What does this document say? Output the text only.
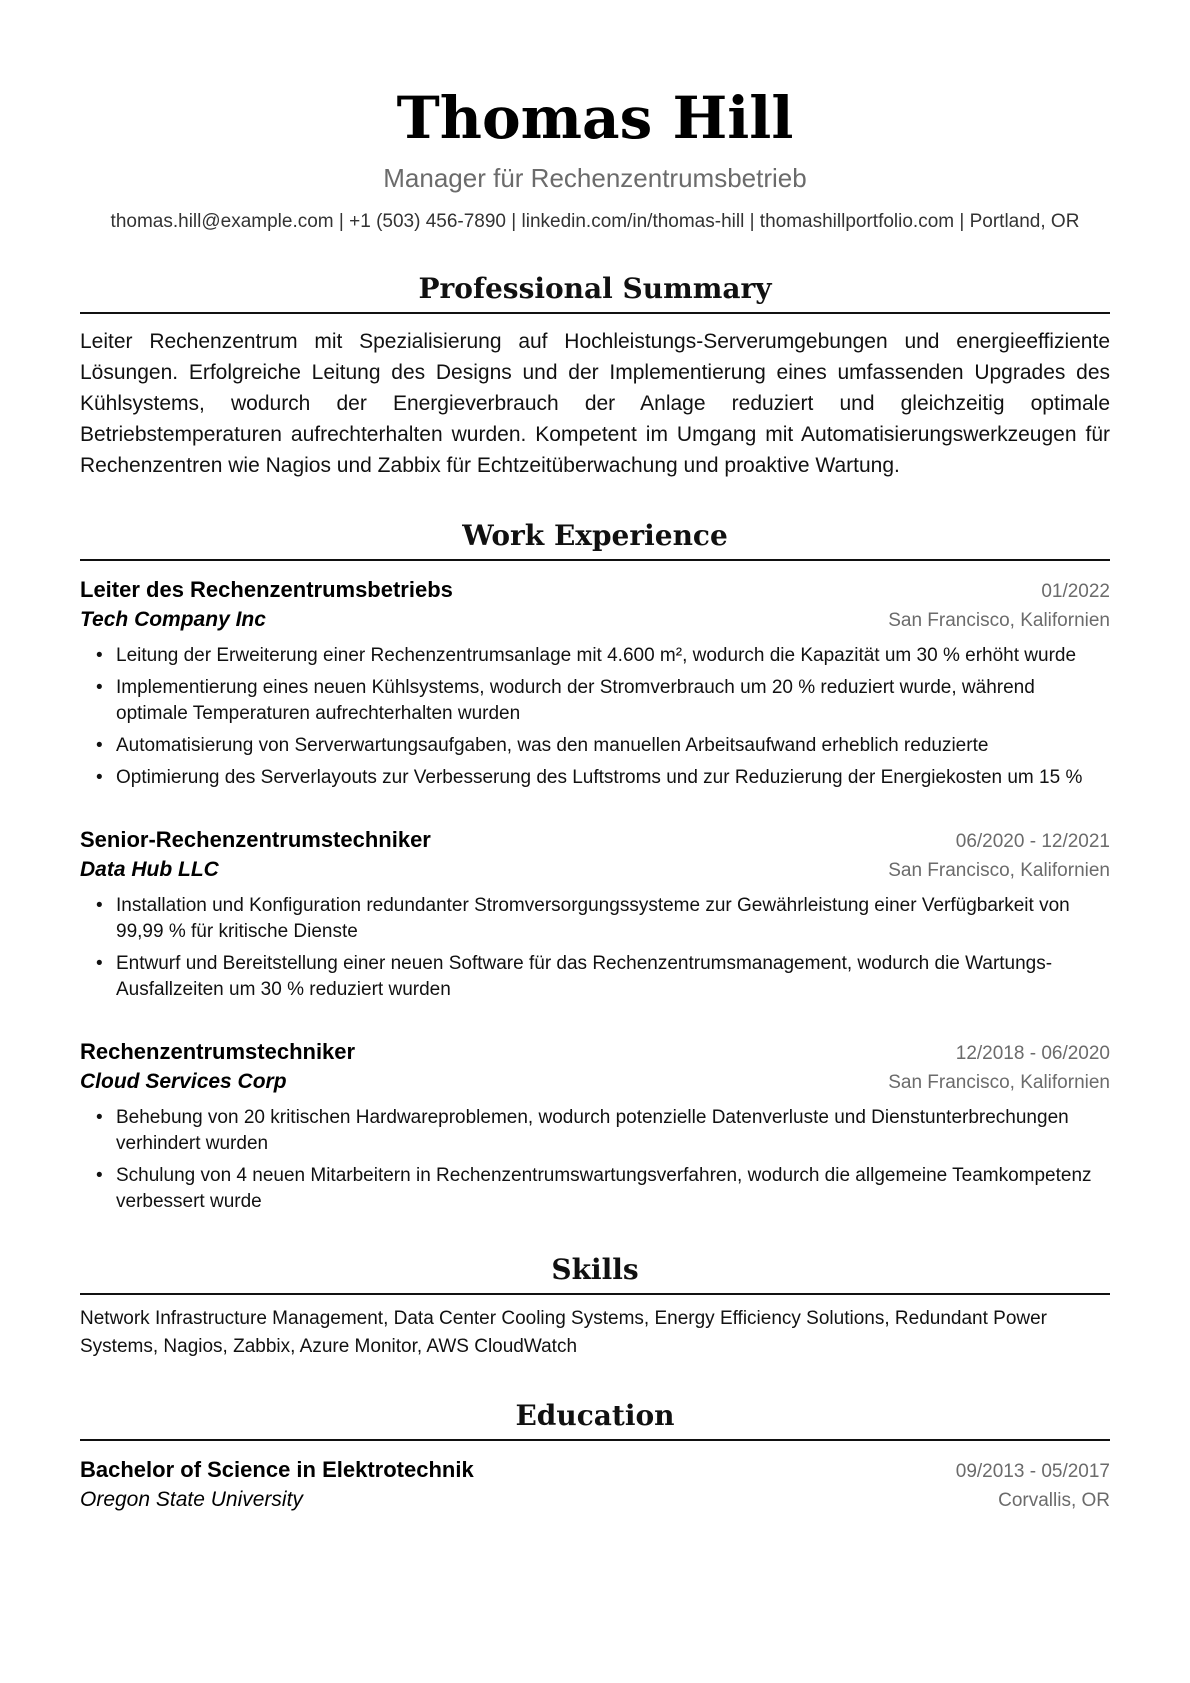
Thomas Hill
Manager für Rechenzentrumsbetrieb
thomas.hill@example.com | +1 (503) 456-7890 | linkedin.com/in/thomas-hill | thomashillportfolio.com | Portland, OR
Professional Summary
Leiter Rechenzentrum mit Spezialisierung auf Hochleistungs-Serverumgebungen und energieeffiziente Lösungen. Erfolgreiche Leitung des Designs und der Implementierung eines umfassenden Upgrades des Kühlsystems, wodurch der Energieverbrauch der Anlage reduziert und gleichzeitig optimale Betriebstemperaturen aufrechterhalten wurden. Kompetent im Umgang mit Automatisierungswerkzeugen für Rechenzentren wie Nagios und Zabbix für Echtzeitüberwachung und proaktive Wartung.
Work Experience
Leiter des Rechenzentrumsbetriebs	01/2022
Tech Company Inc	San Francisco, Kalifornien
• Leitung der Erweiterung einer Rechenzentrumsanlage mit 4.600 m², wodurch die Kapazität um 30 % erhöht wurde
• Implementierung eines neuen Kühlsystems, wodurch der Stromverbrauch um 20 % reduziert wurde, während optimale Temperaturen aufrechterhalten wurden
• Automatisierung von Serverwartungsaufgaben, was den manuellen Arbeitsaufwand erheblich reduzierte
• Optimierung des Serverlayouts zur Verbesserung des Luftstroms und zur Reduzierung der Energiekosten um 15 %
Senior-Rechenzentrumstechniker	06/2020 - 12/2021
Data Hub LLC	San Francisco, Kalifornien
• Installation und Konfiguration redundanter Stromversorgungssysteme zur Gewährleistung einer Verfügbarkeit von 99,99 % für kritische Dienste
• Entwurf und Bereitstellung einer neuen Software für das Rechenzentrumsmanagement, wodurch die Wartungs-Ausfallzeiten um 30 % reduziert wurden
Rechenzentrumstechniker	12/2018 - 06/2020
Cloud Services Corp	San Francisco, Kalifornien
• Behebung von 20 kritischen Hardwareproblemen, wodurch potenzielle Datenverluste und Dienstunterbrechungen verhindert wurden
• Schulung von 4 neuen Mitarbeitern in Rechenzentrumswartungsverfahren, wodurch die allgemeine Teamkompetenz verbessert wurde
Skills
Network Infrastructure Management, Data Center Cooling Systems, Energy Efficiency Solutions, Redundant Power Systems, Nagios, Zabbix, Azure Monitor, AWS CloudWatch
Education
Bachelor of Science in Elektrotechnik	09/2013 - 05/2017
Oregon State University	Corvallis, OR
